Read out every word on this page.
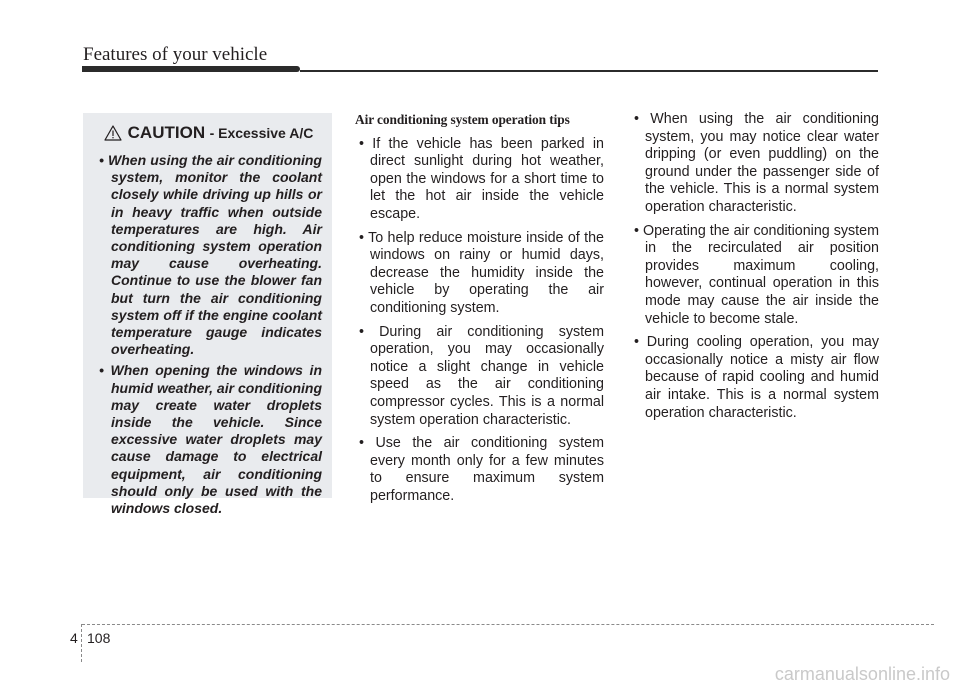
Features of your vehicle
CAUTION - Excessive A/C
• When using the air conditioning system, monitor the coolant closely while driving up hills or in heavy traffic when outside temperatures are high. Air conditioning system operation may cause overheating. Continue to use the blower fan but turn the air conditioning system off if the engine coolant temperature gauge indicates overheating.
• When opening the windows in humid weather, air conditioning may create water droplets inside the vehicle. Since excessive water droplets may cause damage to electrical equipment, air conditioning should only be used with the windows closed.
Air conditioning system operation tips
• If the vehicle has been parked in direct sunlight during hot weather, open the windows for a short time to let the hot air inside the vehicle escape.
• To help reduce moisture inside of the windows on rainy or humid days, decrease the humidity inside the vehicle by operating the air conditioning system.
• During air conditioning system operation, you may occasionally notice a slight change in vehicle speed as the air conditioning compressor cycles. This is a normal system operation characteristic.
• Use the air conditioning system every month only for a few minutes to ensure maximum system performance.
• When using the air conditioning system, you may notice clear water dripping (or even puddling) on the ground under the passenger side of the vehicle. This is a normal system operation characteristic.
• Operating the air conditioning system in the recirculated air position provides maximum cooling, however, continual operation in this mode may cause the air inside the vehicle to become stale.
• During cooling operation, you may occasionally notice a misty air flow because of rapid cooling and humid air intake. This is a normal system operation characteristic.
4 108
carmanualsonline.info
